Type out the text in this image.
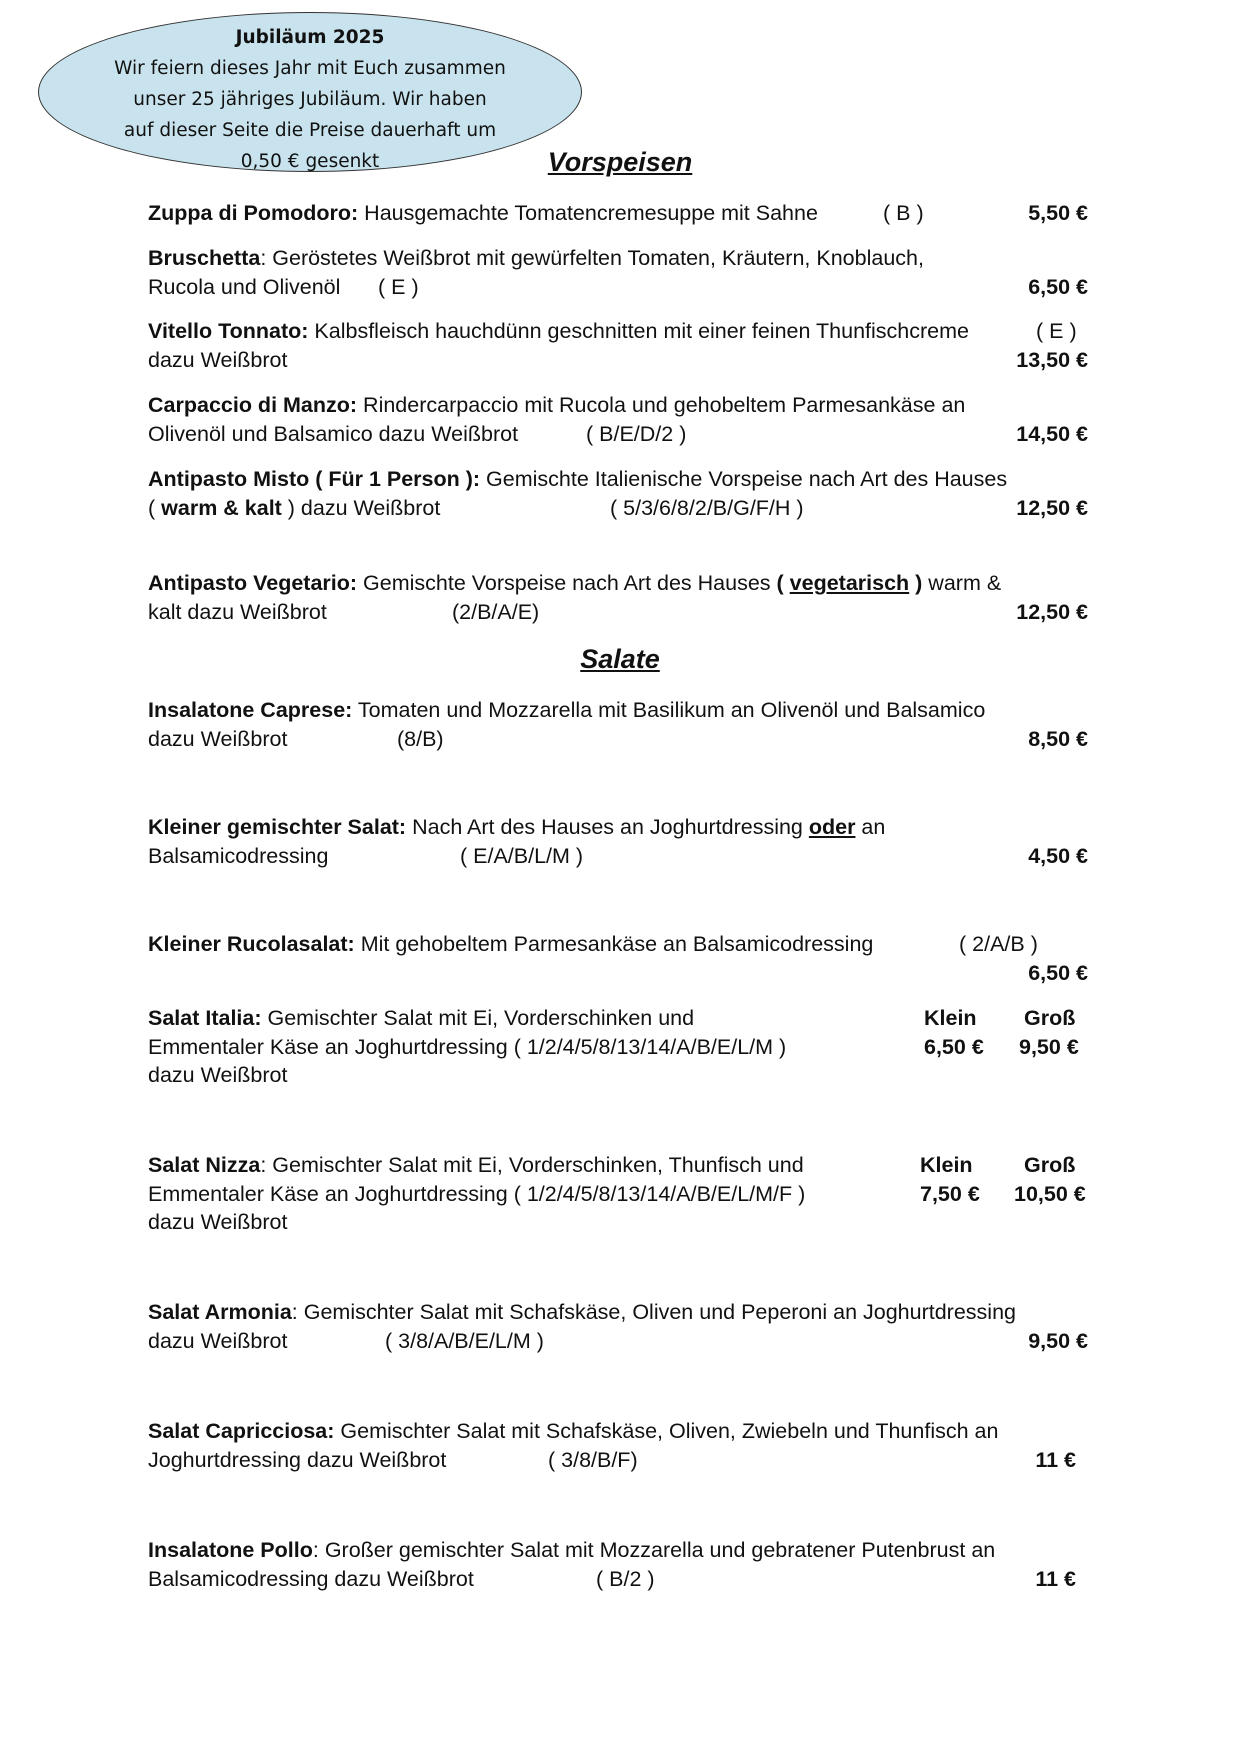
Jubiläum 2025
Wir feiern dieses Jahr mit Euch zusammen
unser 25 jähriges Jubiläum. Wir haben
auf dieser Seite die Preise dauerhaft um
0,50 € gesenkt	Vorspeisen
Zuppa di Pomodoro: Hausgemachte Tomatencremesuppe mit Sahne	( B )	5,50 €
Bruschetta: Geröstetes Weißbrot mit gewürfelten Tomaten, Kräutern, Knoblauch,
Rucola und Olivenöl ( E )	6,50 €
Vitello Tonnato: Kalbsfleisch hauchdünn geschnitten mit einer feinen Thunfischcreme	( E )
dazu Weißbrot	13,50 €
Carpaccio di Manzo: Rindercarpaccio mit Rucola und gehobeltem Parmesankäse an
Olivenöl und Balsamico dazu Weißbrot	( B/E/D/2 )	14,50 €
Antipasto Misto ( Für 1 Person ): Gemischte Italienische Vorspeise nach Art des Hauses
( warm & kalt ) dazu Weißbrot	( 5/3/6/8/2/B/G/F/H )	12,50 €
Antipasto Vegetario: Gemischte Vorspeise nach Art des Hauses ( vegetarisch ) warm &
kalt dazu Weißbrot	(2/B/A/E)	12,50 €
Salate
Insalatone Caprese: Tomaten und Mozzarella mit Basilikum an Olivenöl und Balsamico
dazu Weißbrot	(8/B)	8,50 €
Kleiner gemischter Salat: Nach Art des Hauses an Joghurtdressing oder an
Balsamicodressing	( E/A/B/L/M )	4,50 €
Kleiner Rucolasalat: Mit gehobeltem Parmesankäse an Balsamicodressing	( 2/A/B )
6,50 €
Salat Italia: Gemischter Salat mit Ei, Vorderschinken und	Klein Groß
Emmentaler Käse an Joghurtdressing ( 1/2/4/5/8/13/14/A/B/E/L/M )	6,50 € 9,50 €
dazu Weißbrot
Salat Nizza: Gemischter Salat mit Ei, Vorderschinken, Thunfisch und	Klein Groß
Emmentaler Käse an Joghurtdressing ( 1/2/4/5/8/13/14/A/B/E/L/M/F )	7,50 € 10,50 €
dazu Weißbrot
Salat Armonia: Gemischter Salat mit Schafskäse, Oliven und Peperoni an Joghurtdressing
dazu Weißbrot	( 3/8/A/B/E/L/M )	9,50 €
Salat Capricciosa: Gemischter Salat mit Schafskäse, Oliven, Zwiebeln und Thunfisch an
Joghurtdressing dazu Weißbrot	( 3/8/B/F)	11 €
Insalatone Pollo: Großer gemischter Salat mit Mozzarella und gebratener Putenbrust an
Balsamicodressing dazu Weißbrot	( B/2 )	11 €
